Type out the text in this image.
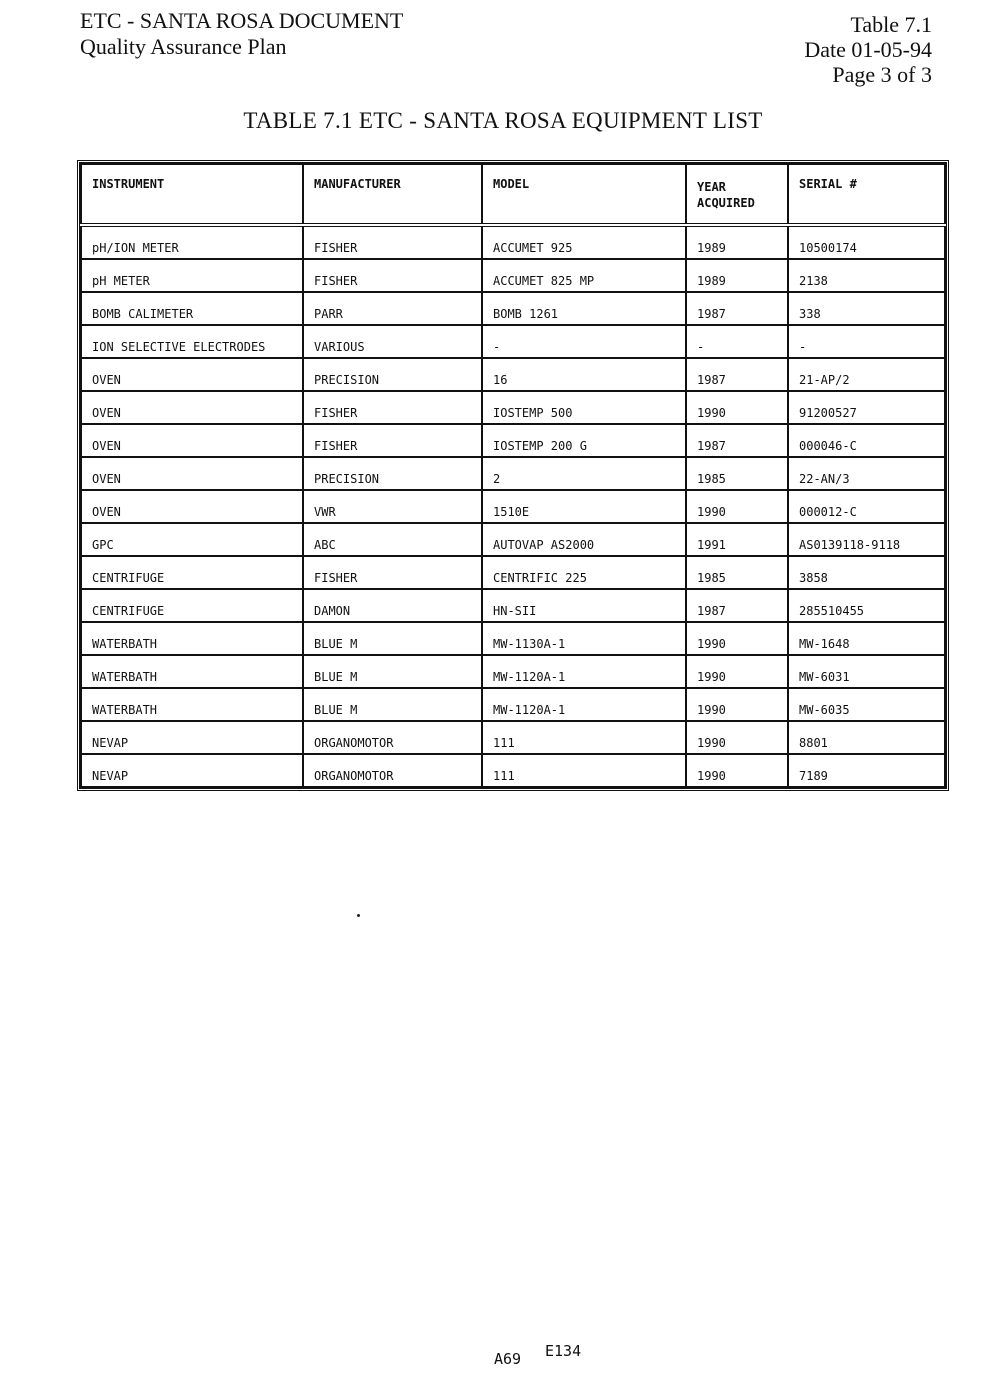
ETC - SANTA ROSA DOCUMENT
Quality Assurance Plan
Table 7.1
Date 01-05-94
Page 3 of 3
TABLE 7.1 ETC - SANTA ROSA EQUIPMENT LIST
INSTRUMENT	MANUFACTURER	MODEL	YEAR ACQUIRED	SERIAL #
pH/ION METER	FISHER	ACCUMET 925	1989	10500174
pH METER	FISHER	ACCUMET 825 MP	1989	2138
BOMB CALIMETER	PARR	BOMB 1261	1987	338
ION SELECTIVE ELECTRODES	VARIOUS	-	-	-
OVEN	PRECISION	16	1987	21-AP/2
OVEN	FISHER	IOSTEMP 500	1990	91200527
OVEN	FISHER	IOSTEMP 200 G	1987	000046-C
OVEN	PRECISION	2	1985	22-AN/3
OVEN	VWR	1510E	1990	000012-C
GPC	ABC	AUTOVAP AS2000	1991	AS0139118-9118
CENTRIFUGE	FISHER	CENTRIFIC 225	1985	3858
CENTRIFUGE	DAMON	HN-SII	1987	285510455
WATERBATH	BLUE M	MW-1130A-1	1990	MW-1648
WATERBATH	BLUE M	MW-1120A-1	1990	MW-6031
WATERBATH	BLUE M	MW-1120A-1	1990	MW-6035
NEVAP	ORGANOMOTOR	111	1990	8801
NEVAP	ORGANOMOTOR	111	1990	7189
A69 E134
